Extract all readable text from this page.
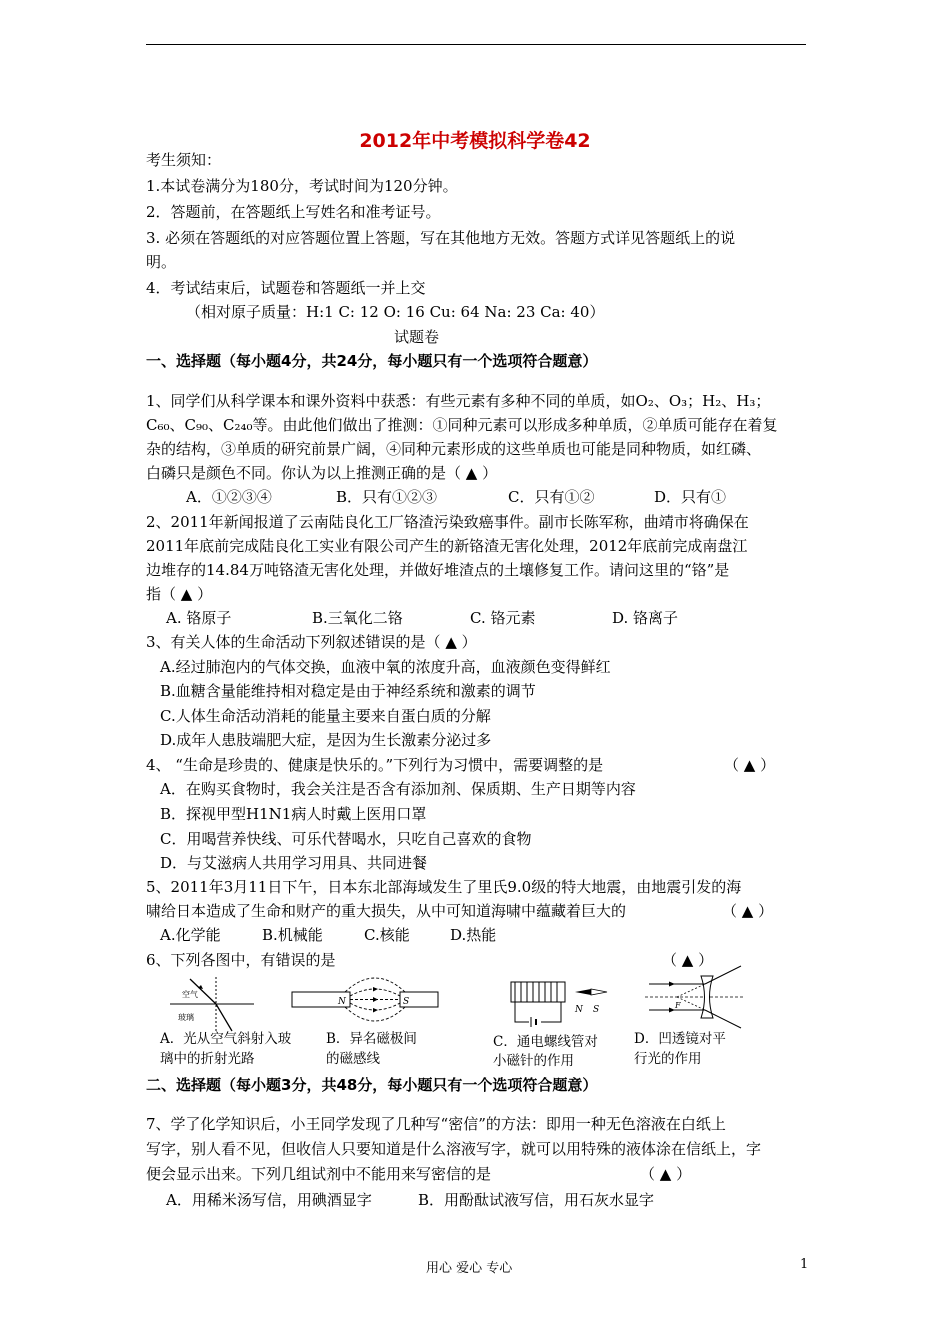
2012年中考模拟科学卷42
考生须知：
1.本试卷满分为180分，考试时间为120分钟。
2．答题前，在答题纸上写姓名和准考证号。
3. 必须在答题纸的对应答题位置上答题，写在其他地方无效。答题方式详见答题纸上的说
明。
4．考试结束后，试题卷和答题纸一并上交
（相对原子质量：H:1 C: 12 O: 16 Cu: 64 Na: 23 Ca: 40）
试题卷
一、选择题（每小题4分，共24分，每小题只有一个选项符合题意）
1、同学们从科学课本和课外资料中获悉：有些元素有多种不同的单质，如O₂、O₃；H₂、H₃；
C₆₀、C₉₀、C₂₄₀等。由此他们做出了推测：①同种元素可以形成多种单质，②单质可能存在着复
杂的结构，③单质的研究前景广阔，④同种元素形成的这些单质也可能是同种物质，如红磷、
白磷只是颜色不同。你认为以上推测正确的是（ ▲ ）
A．①②③④	B．只有①②③	C．只有①②	D．只有①
2、2011年新闻报道了云南陆良化工厂铬渣污染致癌事件。副市长陈军称，曲靖市将确保在
2011年底前完成陆良化工实业有限公司产生的新铬渣无害化处理，2012年底前完成南盘江
边堆存的14.84万吨铬渣无害化处理，并做好堆渣点的土壤修复工作。请问这里的“铬”是
指（ ▲ ）
A. 铬原子	B.三氧化二铬	C. 铬元素	D. 铬离子
3、有关人体的生命活动下列叙述错误的是（ ▲ ）
A.经过肺泡内的气体交换，血液中氧的浓度升高，血液颜色变得鲜红
B.血糖含量能维持相对稳定是由于神经系统和激素的调节
C.人体生命活动消耗的能量主要来自蛋白质的分解
D.成年人患肢端肥大症，是因为生长激素分泌过多
4、 “生命是珍贵的、健康是快乐的。”下列行为习惯中，需要调整的是	（ ▲ ）
A．在购买食物时，我会关注是否含有添加剂、保质期、生产日期等内容
B．探视甲型H1N1病人时戴上医用口罩
C．用喝营养快线、可乐代替喝水，只吃自己喜欢的食物
D．与艾滋病人共用学习用具、共同进餐
5、2011年3月11日下午，日本东北部海域发生了里氏9.0级的特大地震，由地震引发的海
啸给日本造成了生命和财产的重大损失，从中可知道海啸中蕴藏着巨大的	（ ▲ ）
A.化学能	B.机械能	C.核能	D.热能
6、下列各图中，有错误的是	（ ▲ ）
空气
玻璃
N	S
N S	F
A．光从空气斜射入玻
璃中的折射光路
B．异名磁极间
的磁感线
C．通电螺线管对
小磁针的作用
D．凹透镜对平
行光的作用
二、选择题（每小题3分，共48分，每小题只有一个选项符合题意）
7、学了化学知识后，小王同学发现了几种写“密信”的方法：即用一种无色溶液在白纸上
写字，别人看不见，但收信人只要知道是什么溶液写字，就可以用特殊的液体涂在信纸上，字
便会显示出来。下列几组试剂中不能用来写密信的是	（ ▲ ）
A．用稀米汤写信，用碘酒显字	B．用酚酞试液写信，用石灰水显字
用心 爱心 专心	1
